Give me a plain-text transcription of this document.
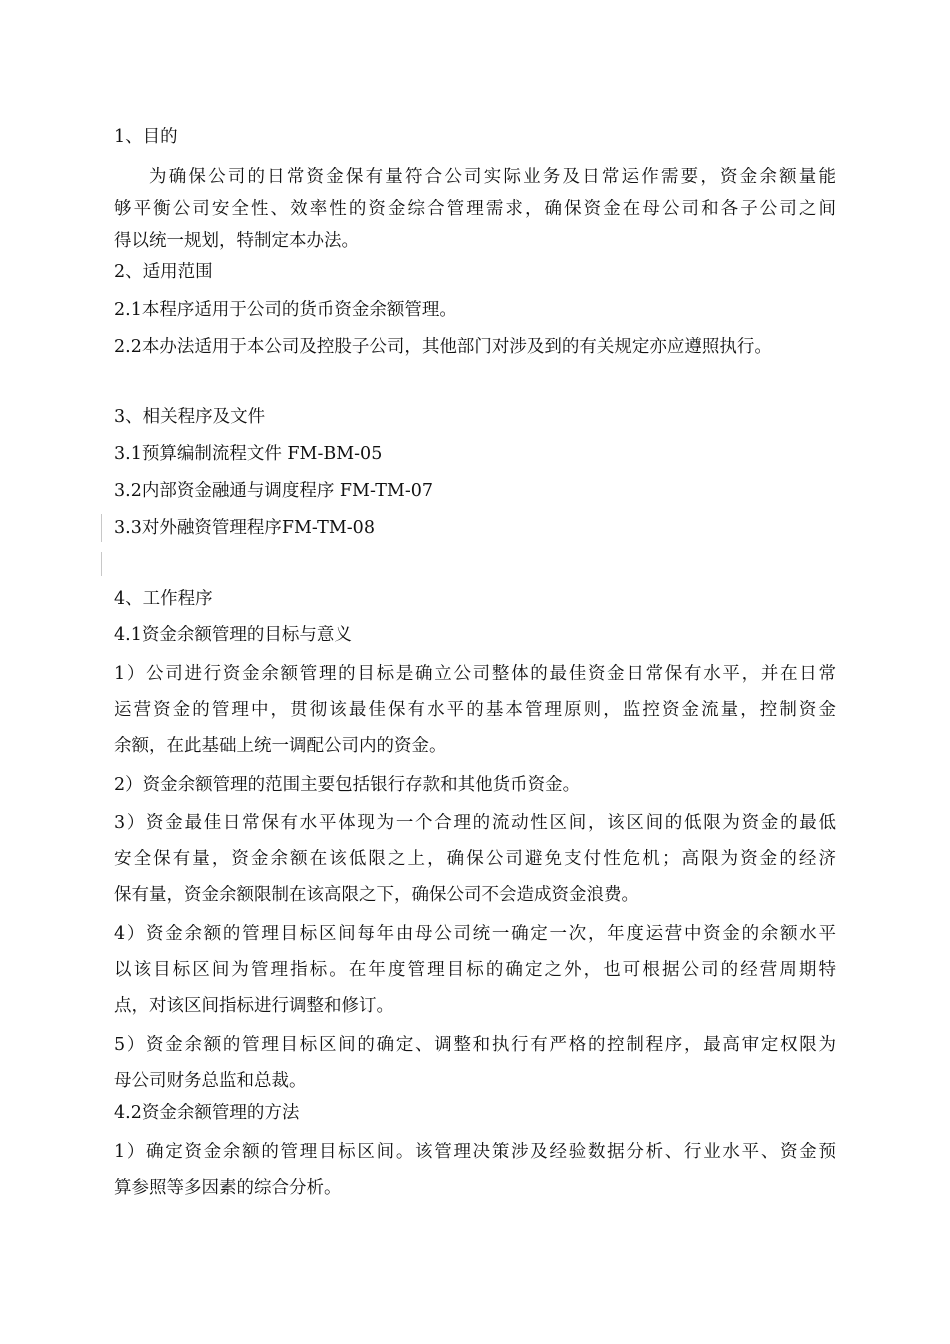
1、目的
为确保公司的日常资金保有量符合公司实际业务及日常运作需要，资金余额量能
够平衡公司安全性、效率性的资金综合管理需求，确保资金在母公司和各子公司之间
得以统一规划，特制定本办法。
2、适用范围
2.1本程序适用于公司的货币资金余额管理。
2.2本办法适用于本公司及控股子公司，其他部门对涉及到的有关规定亦应遵照执行。
3、相关程序及文件
3.1预算编制流程文件 FM-BM-05
3.2内部资金融通与调度程序 FM-TM-07
3.3对外融资管理程序FM-TM-08
4、工作程序
4.1资金余额管理的目标与意义
1）公司进行资金余额管理的目标是确立公司整体的最佳资金日常保有水平，并在日常
运营资金的管理中，贯彻该最佳保有水平的基本管理原则，监控资金流量，控制资金
余额，在此基础上统一调配公司内的资金。
2）资金余额管理的范围主要包括银行存款和其他货币资金。
3）资金最佳日常保有水平体现为一个合理的流动性区间，该区间的低限为资金的最低
安全保有量，资金余额在该低限之上，确保公司避免支付性危机；高限为资金的经济
保有量，资金余额限制在该高限之下，确保公司不会造成资金浪费。
4）资金余额的管理目标区间每年由母公司统一确定一次，年度运营中资金的余额水平
以该目标区间为管理指标。在年度管理目标的确定之外，也可根据公司的经营周期特
点，对该区间指标进行调整和修订。
5）资金余额的管理目标区间的确定、调整和执行有严格的控制程序，最高审定权限为
母公司财务总监和总裁。
4.2资金余额管理的方法
1）确定资金余额的管理目标区间。该管理决策涉及经验数据分析、行业水平、资金预
算参照等多因素的综合分析。
